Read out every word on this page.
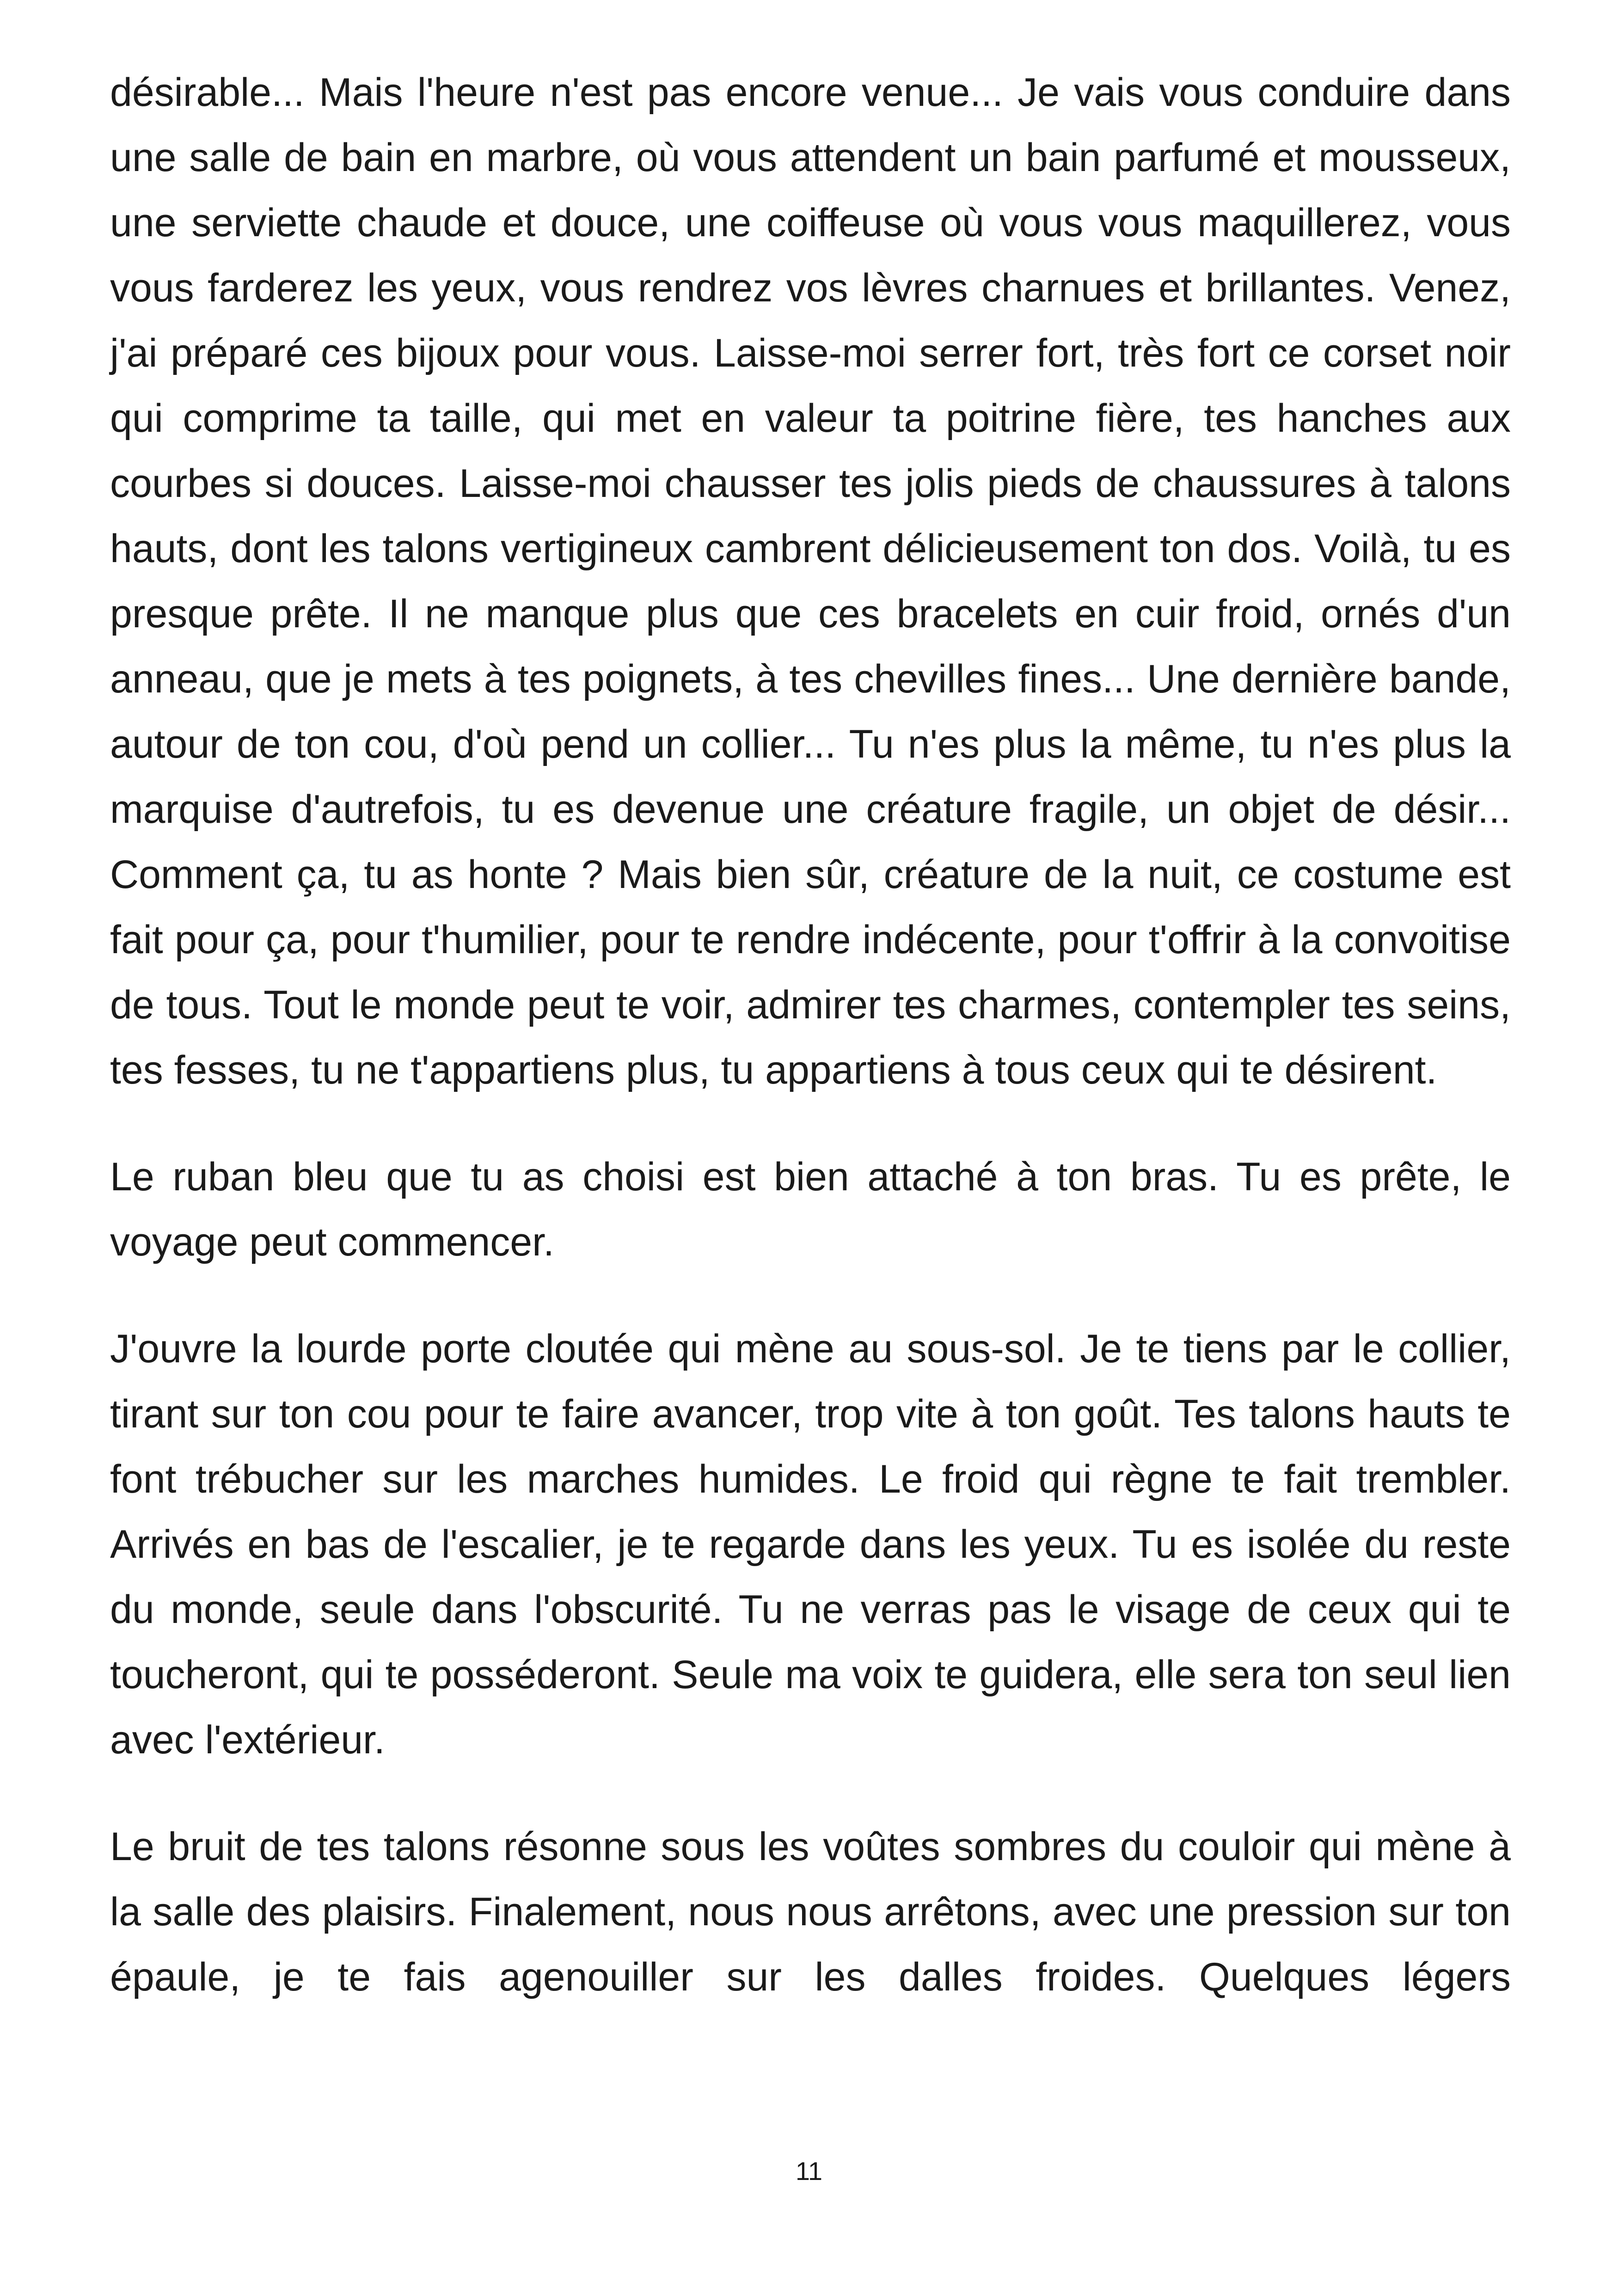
désirable... Mais l'heure n'est pas encore venue... Je vais vous conduire dans une salle de bain en marbre, où vous attendent un bain parfumé et mousseux, une serviette chaude et douce, une coiffeuse où vous vous maquillerez, vous vous farderez les yeux, vous rendrez vos lèvres charnues et brillantes. Venez, j'ai préparé ces bijoux pour vous. Laisse-moi serrer fort, très fort ce corset noir qui comprime ta taille, qui met en valeur ta poitrine fière, tes hanches aux courbes si douces. Laisse-moi chausser tes jolis pieds de chaussures à talons hauts, dont les talons vertigineux cambrent délicieusement ton dos. Voilà, tu es presque prête. Il ne manque plus que ces bracelets en cuir froid, ornés d'un anneau, que je mets à tes poignets, à tes chevilles fines... Une dernière bande, autour de ton cou, d'où pend un collier... Tu n'es plus la même, tu n'es plus la marquise d'autrefois, tu es devenue une créature fragile, un objet de désir... Comment ça, tu as honte ? Mais bien sûr, créature de la nuit, ce costume est fait pour ça, pour t'humilier, pour te rendre indécente, pour t'offrir à la convoitise de tous. Tout le monde peut te voir, admirer tes charmes, contempler tes seins, tes fesses, tu ne t'appartiens plus, tu appartiens à tous ceux qui te désirent.

Le ruban bleu que tu as choisi est bien attaché à ton bras. Tu es prête, le voyage peut commencer.

J'ouvre la lourde porte cloutée qui mène au sous-sol. Je te tiens par le collier, tirant sur ton cou pour te faire avancer, trop vite à ton goût. Tes talons hauts te font trébucher sur les marches humides. Le froid qui règne te fait trembler. Arrivés en bas de l'escalier, je te regarde dans les yeux. Tu es isolée du reste du monde, seule dans l'obscurité. Tu ne verras pas le visage de ceux qui te toucheront, qui te posséderont. Seule ma voix te guidera, elle sera ton seul lien avec l'extérieur.

Le bruit de tes talons résonne sous les voûtes sombres du couloir qui mène à la salle des plaisirs. Finalement, nous nous arrêtons, avec une pression sur ton épaule, je te fais agenouiller sur les dalles froides. Quelques légers

11
